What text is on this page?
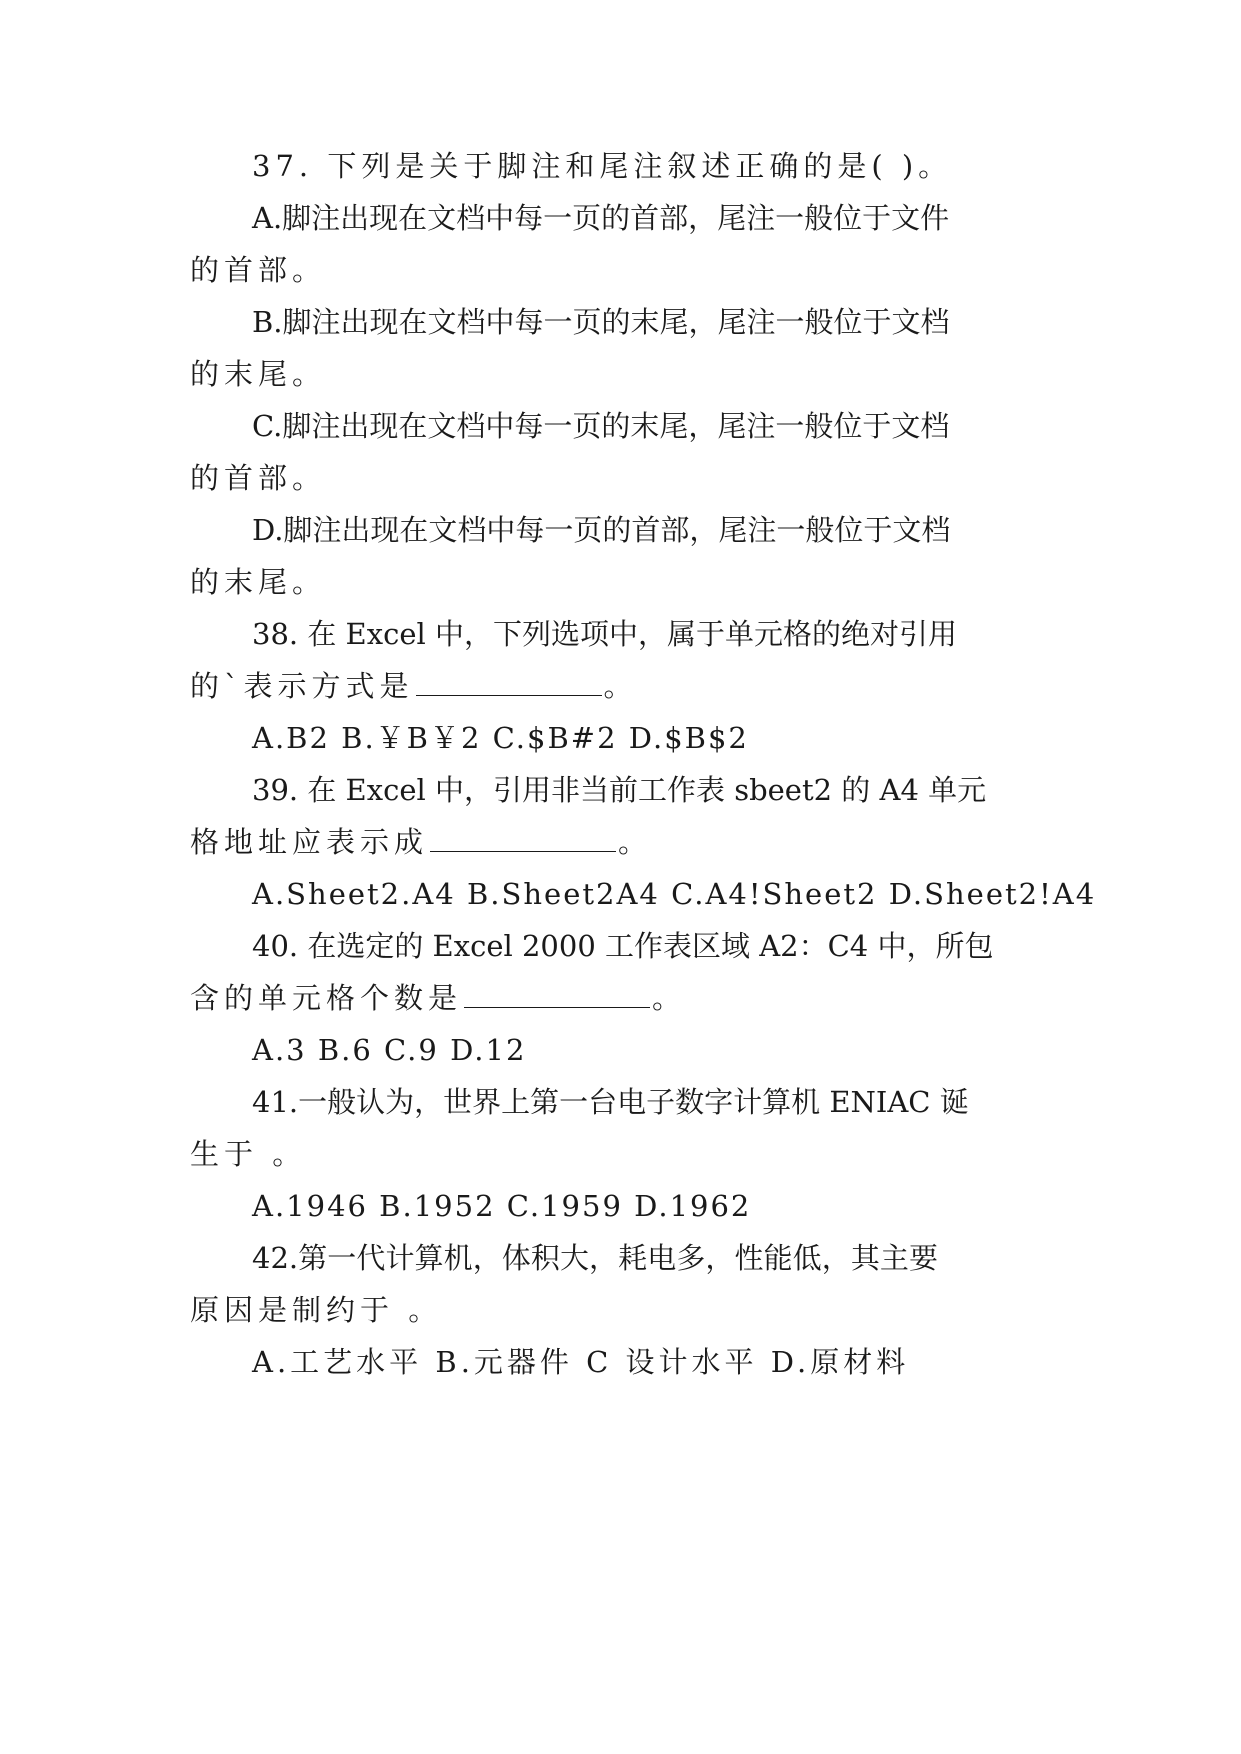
37. 下列是关于脚注和尾注叙述正确的是( )。
A.脚注出现在文档中每一页的首部，尾注一般位于文件
的首部。
B.脚注出现在文档中每一页的末尾，尾注一般位于文档
的末尾。
C.脚注出现在文档中每一页的末尾，尾注一般位于文档
的首部。
D.脚注出现在文档中每一页的首部，尾注一般位于文档
的末尾。
38. 在 Excel 中，下列选项中，属于单元格的绝对引用
的`表示方式是	。
A.B2 B.￥B￥2 C.$B#2 D.$B$2
39. 在 Excel 中，引用非当前工作表 sbeet2 的 A4 单元
格地址应表示成	。
A.Sheet2.A4 B.Sheet2A4 C.A4!Sheet2 D.Sheet2!A4
40. 在选定的 Excel 2000 工作表区域 A2：C4 中，所包
含的单元格个数是	。
A.3 B.6 C.9 D.12
41.一般认为，世界上第一台电子数字计算机 ENIAC 诞
生于 。
A.1946 B.1952 C.1959 D.1962
42.第一代计算机，体积大，耗电多，性能低，其主要
原因是制约于 。
A.工艺水平 B.元器件 C 设计水平 D.原材料
